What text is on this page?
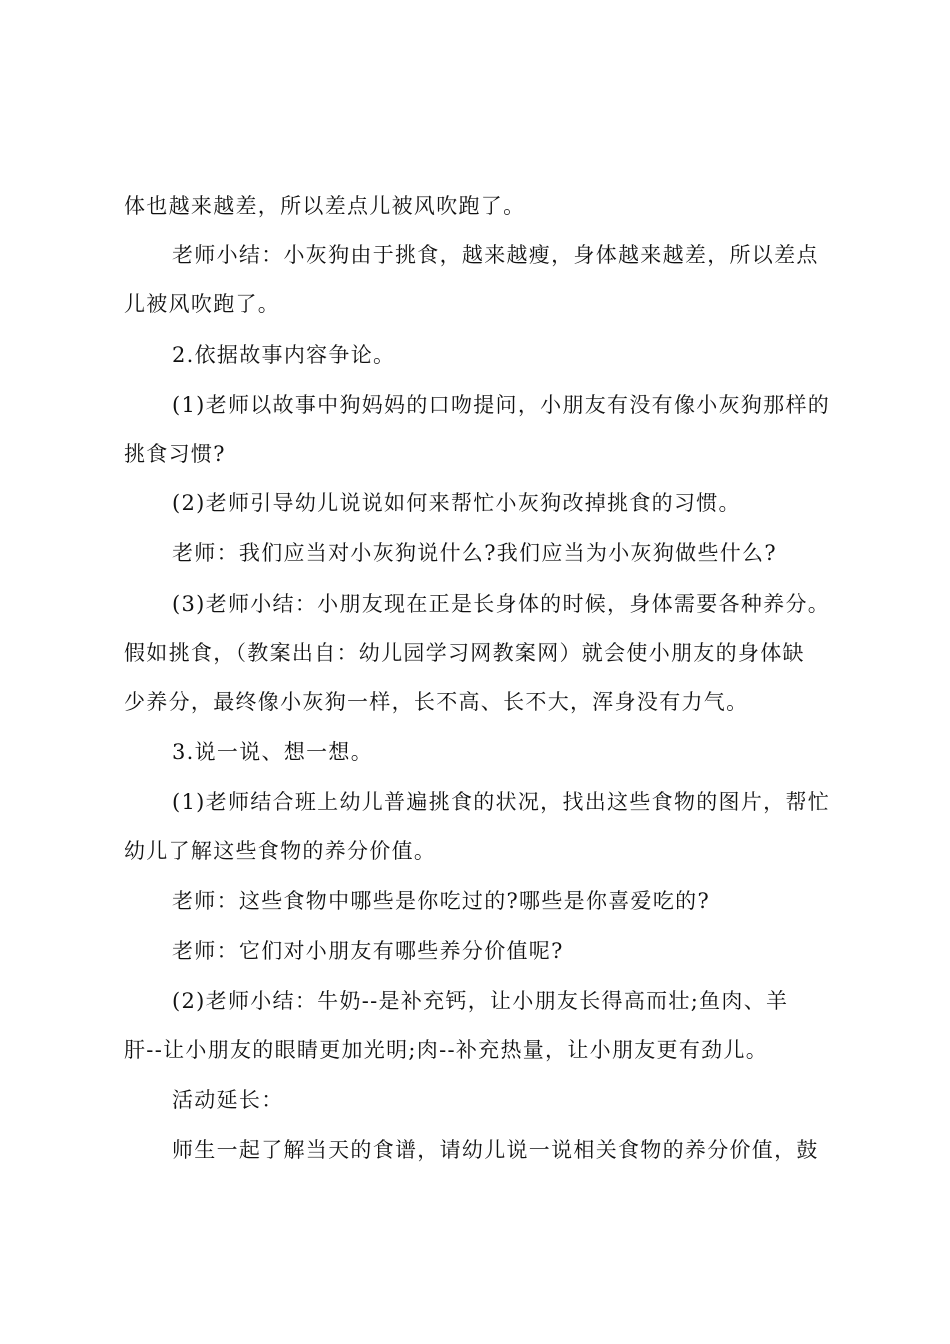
体也越来越差，所以差点儿被风吹跑了。
老师小结：小灰狗由于挑食，越来越瘦，身体越来越差，所以差点
儿被风吹跑了。
2.依据故事内容争论。
(1)老师以故事中狗妈妈的口吻提问，小朋友有没有像小灰狗那样的
挑食习惯?
(2)老师引导幼儿说说如何来帮忙小灰狗改掉挑食的习惯。
老师：我们应当对小灰狗说什么?我们应当为小灰狗做些什么?
(3)老师小结：小朋友现在正是长身体的时候，身体需要各种养分。
假如挑食，（教案出自：幼儿园学习网教案网）就会使小朋友的身体缺
少养分，最终像小灰狗一样，长不高、长不大，浑身没有力气。
3.说一说、想一想。
(1)老师结合班上幼儿普遍挑食的状况，找出这些食物的图片，帮忙
幼儿了解这些食物的养分价值。
老师：这些食物中哪些是你吃过的?哪些是你喜爱吃的?
老师：它们对小朋友有哪些养分价值呢?
(2)老师小结：牛奶--是补充钙，让小朋友长得高而壮;鱼肉、羊
肝--让小朋友的眼睛更加光明;肉--补充热量，让小朋友更有劲儿。
活动延长：
师生一起了解当天的食谱，请幼儿说一说相关食物的养分价值，鼓
